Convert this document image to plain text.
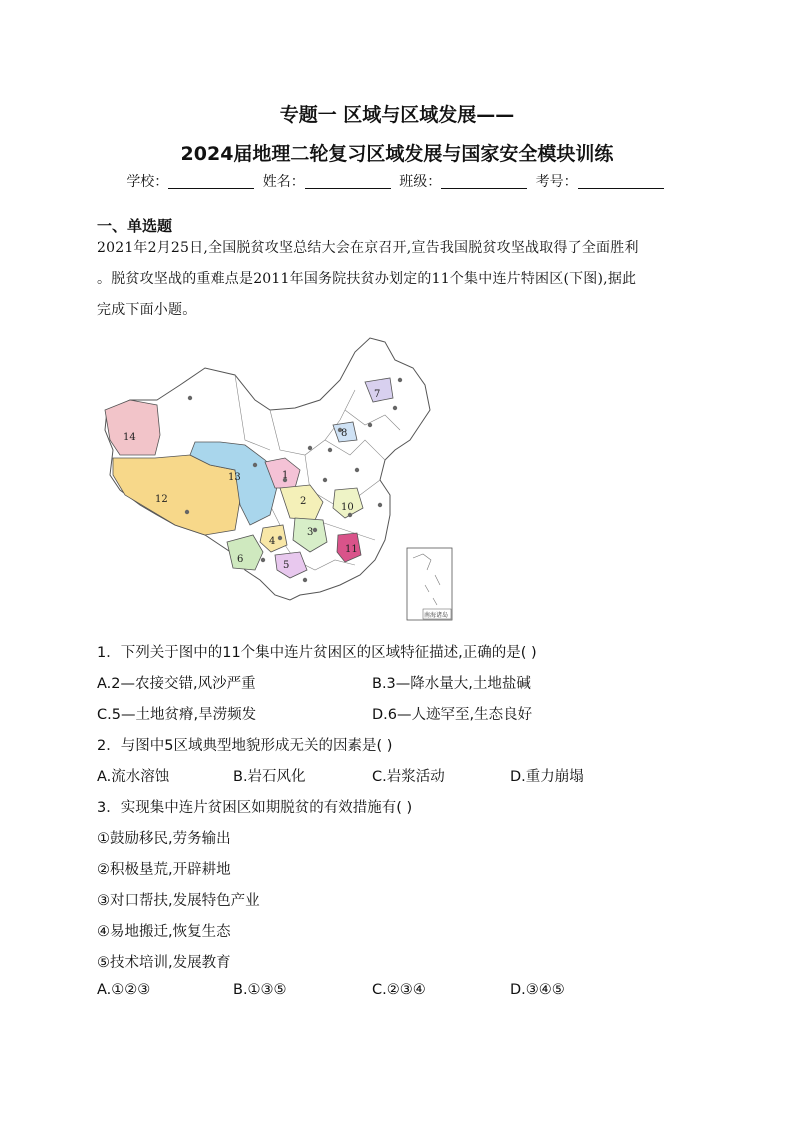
专题一 区域与区域发展——
2024届地理二轮复习区域发展与国家安全模块训练
学校：	姓名：	班级：	考号：
一、单选题
2021年2月25日,全国脱贫攻坚总结大会在京召开,宣告我国脱贫攻坚战取得了全面胜利
。脱贫攻坚战的重难点是2011年国务院扶贫办划定的11个集中连片特困区(下图),据此
完成下面小题。
1
2
3
4
5
6
7
8
10
11
12
13
14
南海诸岛
1．下列关于图中的11个集中连片贫困区的区域特征描述,正确的是( )
A.2—农接交错,风沙严重	B.3—降水量大,土地盐碱
C.5—土地贫瘠,旱涝频发	D.6—人迹罕至,生态良好
2．与图中5区域典型地貌形成无关的因素是( )
A.流水溶蚀	B.岩石风化	C.岩浆活动	D.重力崩塌
3．实现集中连片贫困区如期脱贫的有效措施有( )
①鼓励移民,劳务输出
②积极垦荒,开辟耕地
③对口帮扶,发展特色产业
④易地搬迁,恢复生态
⑤技术培训,发展教育
A.①②③	B.①③⑤	C.②③④	D.③④⑤
